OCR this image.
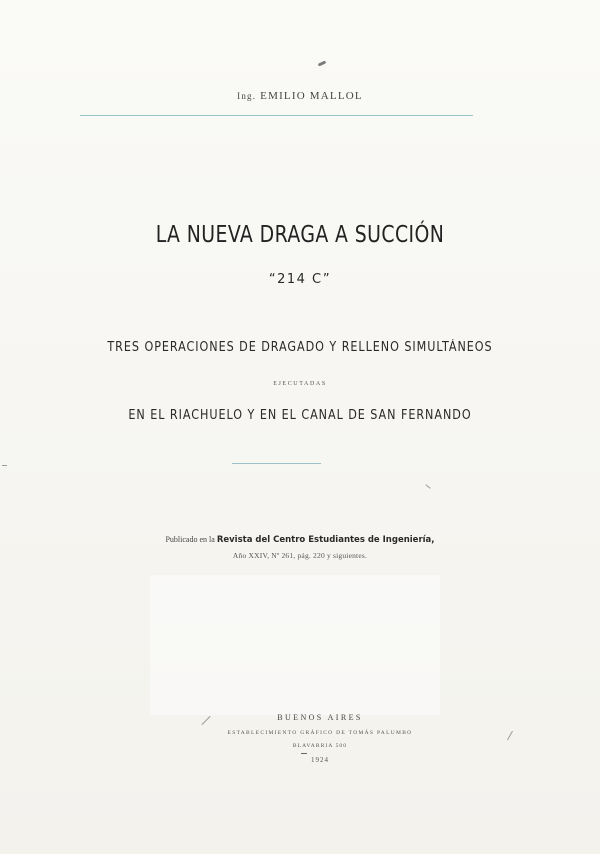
Ing. EMILIO MALLOL
LA NUEVA DRAGA A SUCCIÓN
“214 C”
TRES OPERACIONES DE DRAGADO Y RELLENO SIMULTÁNEOS
EJECUTADAS
EN EL RIACHUELO Y EN EL CANAL DE SAN FERNANDO
Publicado en la Revista del Centro Estudiantes de Ingeniería,
Año XXIV, Nº 261, pág. 220 y siguientes.
BUENOS AIRES
ESTABLECIMIENTO GRÁFICO DE TOMÁS PALUMBO
BLAVARRIA 500
1924
